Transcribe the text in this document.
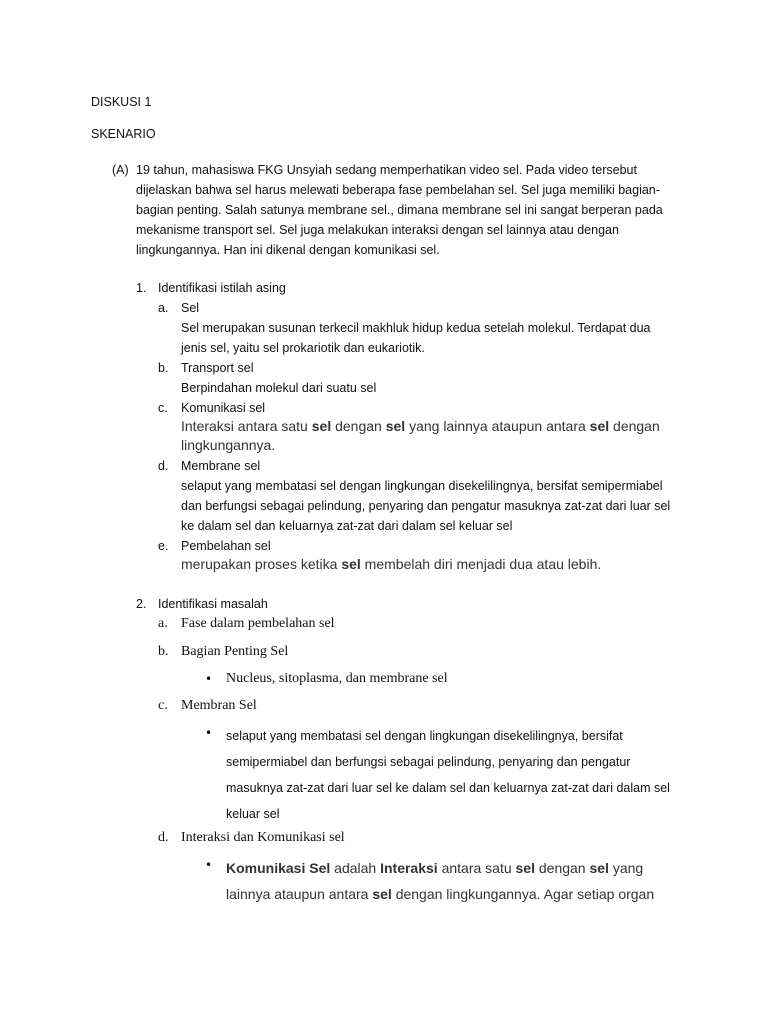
DISKUSI 1
SKENARIO
(A) 19 tahun, mahasiswa FKG Unsyiah sedang memperhatikan video sel. Pada video tersebut
dijelaskan bahwa sel harus melewati beberapa fase pembelahan sel. Sel juga memiliki bagian-
bagian penting. Salah satunya membrane sel., dimana membrane sel ini sangat berperan pada
mekanisme transport sel. Sel juga melakukan interaksi dengan sel lainnya atau dengan
lingkungannya. Han ini dikenal dengan komunikasi sel.
1. Identifikasi istilah asing
a. Sel
Sel merupakan susunan terkecil makhluk hidup kedua setelah molekul. Terdapat dua
jenis sel, yaitu sel prokariotik dan eukariotik.
b. Transport sel
Berpindahan molekul dari suatu sel
c. Komunikasi sel
Interaksi antara satu sel dengan sel yang lainnya ataupun antara sel dengan
lingkungannya.
d. Membrane sel
selaput yang membatasi sel dengan lingkungan disekelilingnya, bersifat semipermiabel
dan berfungsi sebagai pelindung, penyaring dan pengatur masuknya zat-zat dari luar sel
ke dalam sel dan keluarnya zat-zat dari dalam sel keluar sel
e. Pembelahan sel
merupakan proses ketika sel membelah diri menjadi dua atau lebih.
2. Identifikasi masalah
a. Fase dalam pembelahan sel
b. Bagian Penting Sel
• Nucleus, sitoplasma, dan membrane sel
c. Membran Sel
• selaput yang membatasi sel dengan lingkungan disekelilingnya, bersifat
semipermiabel dan berfungsi sebagai pelindung, penyaring dan pengatur
masuknya zat-zat dari luar sel ke dalam sel dan keluarnya zat-zat dari dalam sel
keluar sel
d. Interaksi dan Komunikasi sel
• Komunikasi Sel adalah Interaksi antara satu sel dengan sel yang
lainnya ataupun antara sel dengan lingkungannya. Agar setiap organ
